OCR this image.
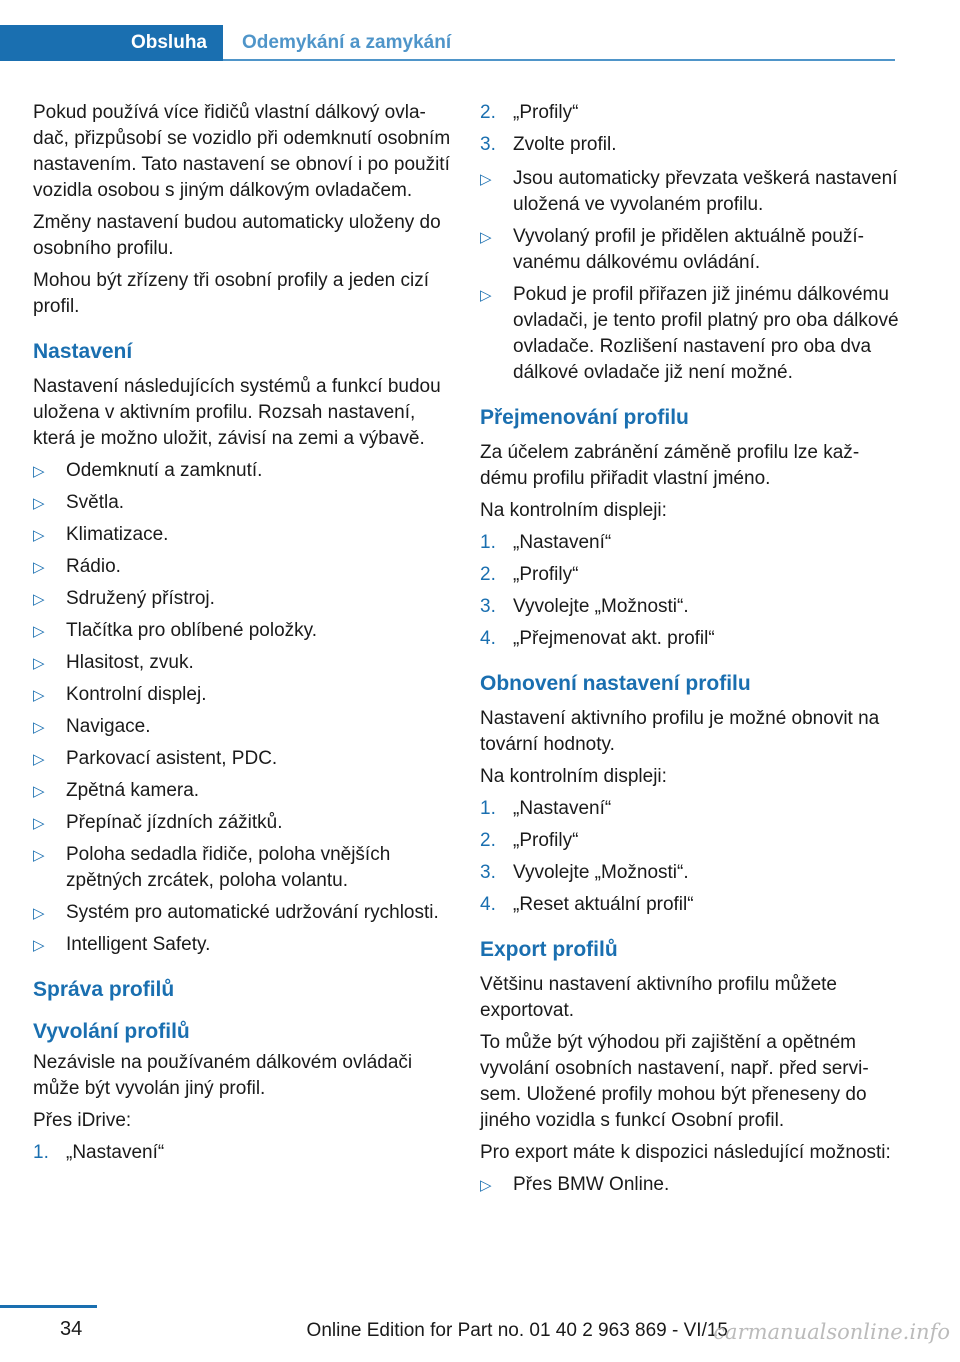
Obsluha	Odemykání a zamykání

Pokud používá více řidičů vlastní dálkový ovladač, přizpůsobí se vozidlo při odemknutí osobním nastavením. Tato nastavení se obnoví i po použití vozidla osobou s jiným dálkovým ovladačem.

Změny nastavení budou automaticky uloženy do osobního profilu.

Mohou být zřízeny tři osobní profily a jeden cizí profil.

Nastavení

Nastavení následujících systémů a funkcí budou uložena v aktivním profilu. Rozsah nastavení, která je možno uložit, závisí na zemi a výbavě.

▷	Odemknutí a zamknutí.
▷	Světla.
▷	Klimatizace.
▷	Rádio.
▷	Sdružený přístroj.
▷	Tlačítka pro oblíbené položky.
▷	Hlasitost, zvuk.
▷	Kontrolní displej.
▷	Navigace.
▷	Parkovací asistent, PDC.
▷	Zpětná kamera.
▷	Přepínač jízdních zážitků.
▷	Poloha sedadla řidiče, poloha vnějších zpětných zrcátek, poloha volantu.
▷	Systém pro automatické udržování rychlosti.
▷	Intelligent Safety.
Správa profilů
Vyvolání profilů

Nezávisle na používaném dálkovém ovládači může být vyvolán jiný profil.

Přes iDrive:

1. „Nastavení“
2. „Profily“
3. Zvolte profil.
▷	Jsou automaticky převzata veškerá nastavení uložená ve vyvolaném profilu.
▷	Vyvolaný profil je přidělen aktuálně používanému dálkovému ovládání.
▷	Pokud je profil přiřazen již jinému dálkovému ovladači, je tento profil platný pro oba dálkové ovladače. Rozlišení nastavení pro oba dva dálkové ovladače již není možné.
Přejmenování profilu

Za účelem zabránění záměně profilu lze každému profilu přiřadit vlastní jméno.

Na kontrolním displeji:

1. „Nastavení“
2. „Profily“
3. Vyvolejte „Možnosti“.
4. „Přejmenovat akt. profil“
Obnovení nastavení profilu

Nastavení aktivního profilu je možné obnovit na tovární hodnoty.

Na kontrolním displeji:

1. „Nastavení“
2. „Profily“
3. Vyvolejte „Možnosti“.
4. „Reset aktuální profil“
Export profilů

Většinu nastavení aktivního profilu můžete exportovat.

To může být výhodou při zajištění a opětném vyvolání osobních nastavení, např. před servisem. Uložené profily mohou být přeneseny do jiného vozidla s funkcí Osobní profil.

Pro export máte k dispozici následující možnosti:

▷	Přes BMW Online.
34	Online Edition for Part no. 01 40 2 963 869 - VI/15
carmanualsonline.info
